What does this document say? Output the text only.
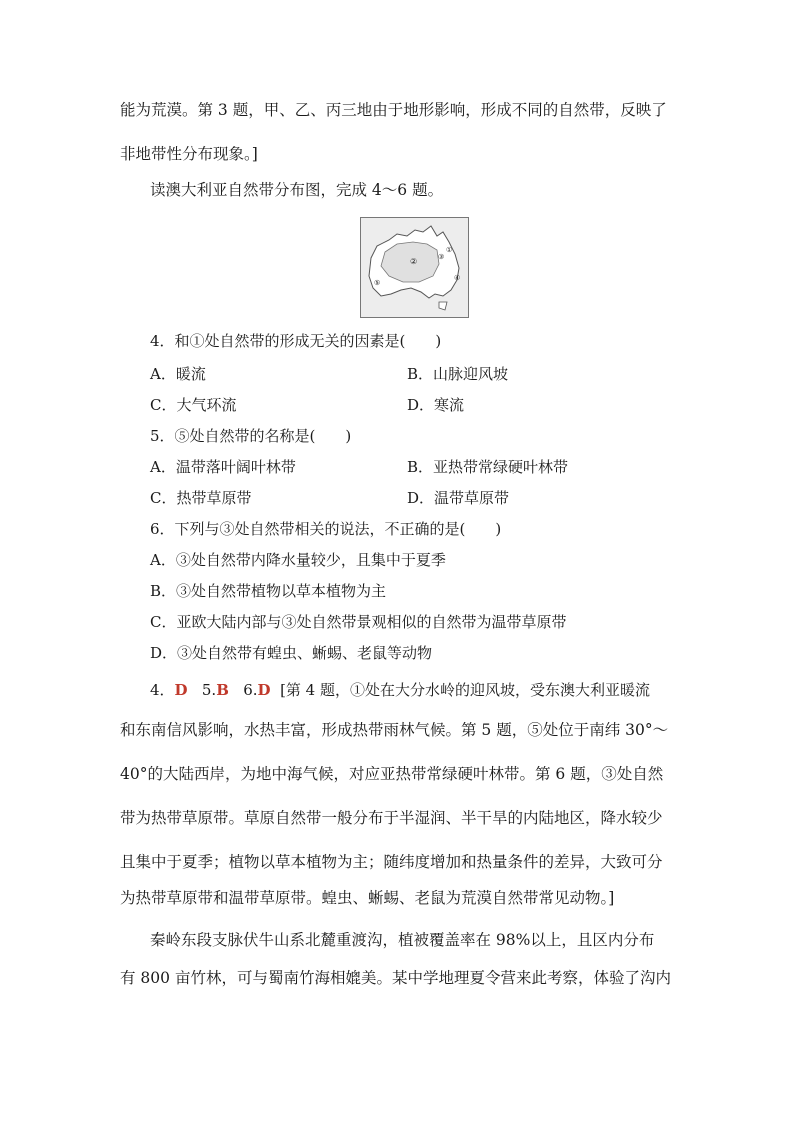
能为荒漠。第 3 题，甲、乙、丙三地由于地形影响，形成不同的自然带，反映了
非地带性分布现象。]
读澳大利亚自然带分布图，完成 4～6 题。
②
①
③
④
⑤
4．和①处自然带的形成无关的因素是(　　)
A．暖流	B．山脉迎风坡
C．大气环流	D．寒流
5．⑤处自然带的名称是(　　)
A．温带落叶阔叶林带	B．亚热带常绿硬叶林带
C．热带草原带	D．温带草原带
6．下列与③处自然带相关的说法，不正确的是(　　)
A．③处自然带内降水量较少，且集中于夏季
B．③处自然带植物以草本植物为主
C．亚欧大陆内部与③处自然带景观相似的自然带为温带草原带
D．③处自然带有蝗虫、蜥蜴、老鼠等动物
4．D 5.B 6.D [第 4 题，①处在大分水岭的迎风坡，受东澳大利亚暖流
和东南信风影响，水热丰富，形成热带雨林气候。第 5 题，⑤处位于南纬 30°～
40°的大陆西岸，为地中海气候，对应亚热带常绿硬叶林带。第 6 题，③处自然
带为热带草原带。草原自然带一般分布于半湿润、半干旱的内陆地区，降水较少
且集中于夏季；植物以草本植物为主；随纬度增加和热量条件的差异，大致可分
为热带草原带和温带草原带。蝗虫、蜥蜴、老鼠为荒漠自然带常见动物。]
秦岭东段支脉伏牛山系北麓重渡沟，植被覆盖率在 98%以上，且区内分布
有 800 亩竹林，可与蜀南竹海相媲美。某中学地理夏令营来此考察，体验了沟内
